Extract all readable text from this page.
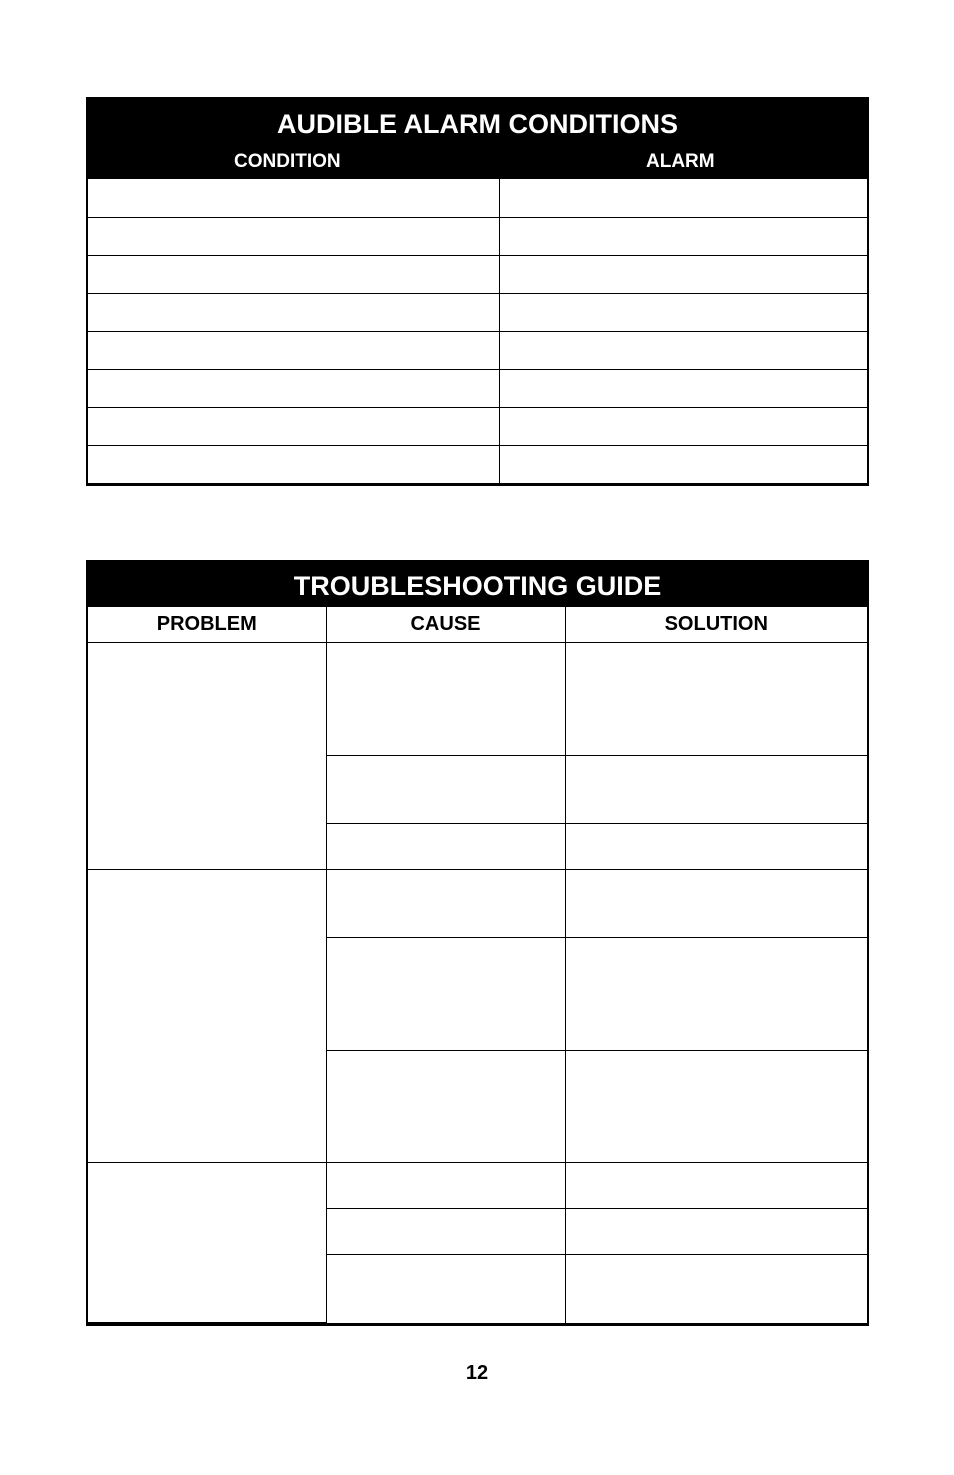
AUDIBLE ALARM CONDITIONS
CONDITION	ALARM

TROUBLESHOOTING GUIDE
PROBLEM	CAUSE	SOLUTION

12
